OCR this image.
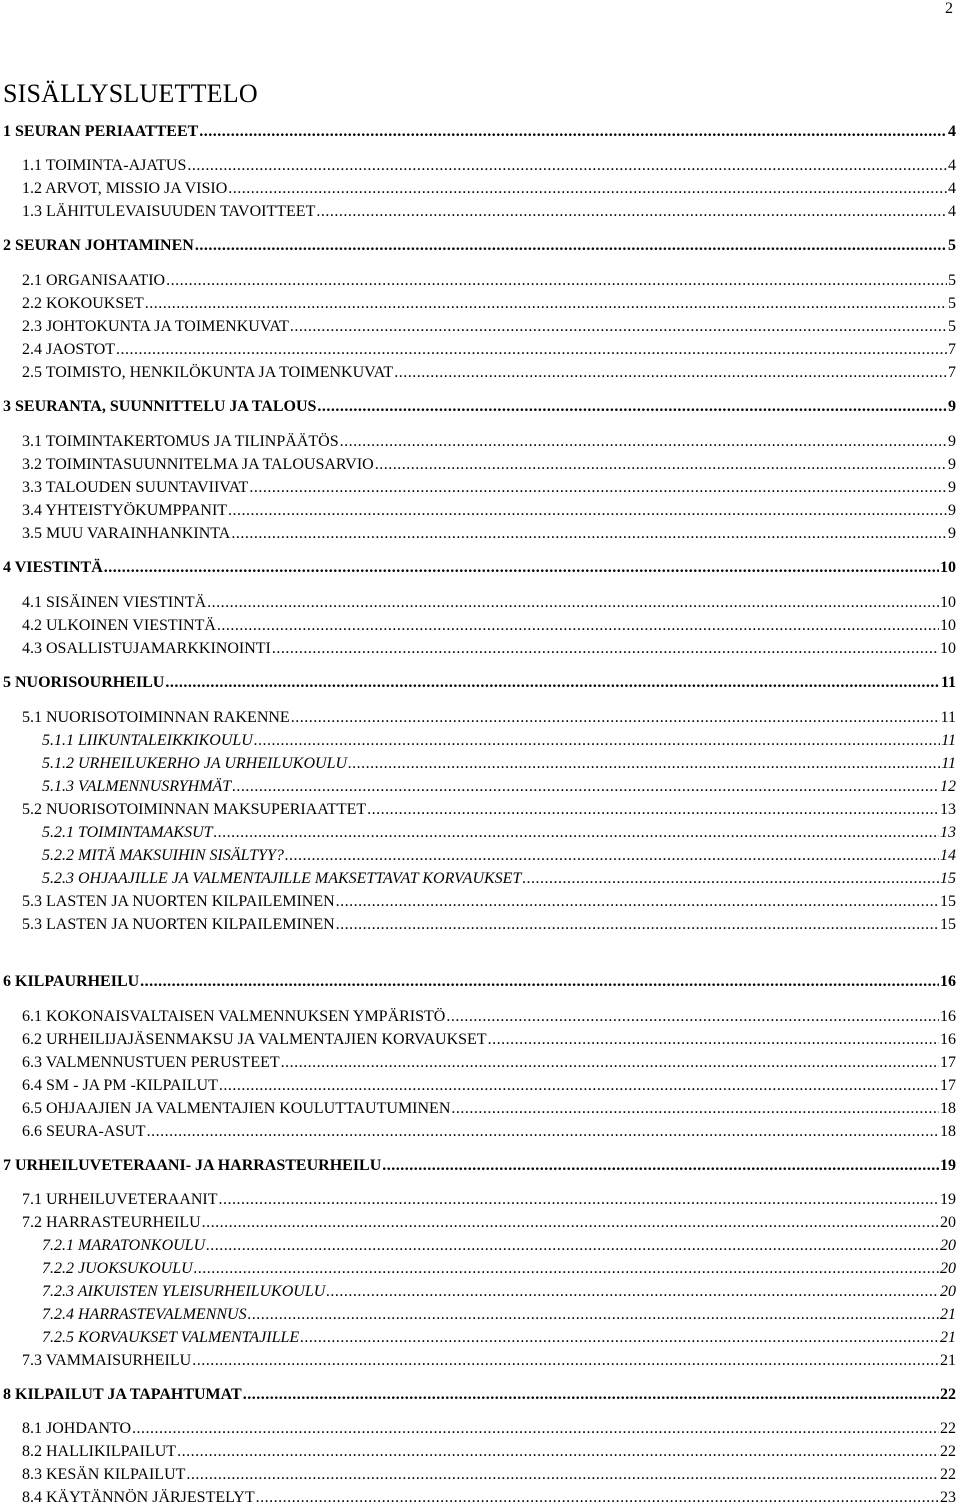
2
SISÄLLYSLUETTELO
1 SEURAN PERIAATTEET .....	4
1.1 TOIMINTA-AJATUS .....	4
1.2 ARVOT, MISSIO JA VISIO .....	4
1.3 LÄHITULEVAISUUDEN TAVOITTEET .....	4
2 SEURAN JOHTAMINEN .....	5
2.1 ORGANISAATIO .....	5
2.2 KOKOUKSET .....	5
2.3 JOHTOKUNTA JA TOIMENKUVAT .....	5
2.4 JAOSTOT .....	7
2.5 TOIMISTO, HENKILÖKUNTA JA TOIMENKUVAT .....	7
3 SEURANTA, SUUNNITTELU JA TALOUS .....	9
3.1 TOIMINTAKERTOMUS JA TILINPÄÄTÖS .....	9
3.2 TOIMINTASUUNNITELMA JA TALOUSARVIO .....	9
3.3 TALOUDEN SUUNTAVIIVAT .....	9
3.4 YHTEISTYÖKUMPPANIT .....	9
3.5 MUU VARAINHANKINTA .....	9
4 VIESTINTÄ .....	10
4.1 SISÄINEN VIESTINTÄ .....	10
4.2 ULKOINEN VIESTINTÄ .....	10
4.3 OSALLISTUJAMARKKINOINTI .....	10
5 NUORISOURHEILU .....	11
5.1 NUORISOTOIMINNAN RAKENNE .....	11
5.1.1 LIIKUNTALEIKKIKOULU .....	11
5.1.2 URHEILUKERHO JA URHEILUKOULU .....	11
5.1.3 VALMENNUSRYHMÄT .....	12
5.2 NUORISOTOIMINNAN MAKSUPERIAATTET .....	13
5.2.1 TOIMINTAMAKSUT .....	13
5.2.2 MITÄ MAKSUIHIN SISÄLTYY? .....	14
5.2.3 OHJAAJILLE JA VALMENTAJILLE MAKSETTAVAT KORVAUKSET .....	15
5.3 LASTEN JA NUORTEN KILPAILEMINEN .....	15
5.3 LASTEN JA NUORTEN KILPAILEMINEN .....	15
6 KILPAURHEILU .....	16
6.1 KOKONAISVALTAISEN VALMENNUKSEN YMPÄRISTÖ .....	16
6.2 URHEILIJAJÄSENMAKSU JA VALMENTAJIEN KORVAUKSET .....	16
6.3 VALMENNUSTUEN PERUSTEET .....	17
6.4 SM - JA PM -KILPAILUT .....	17
6.5 OHJAAJIEN JA VALMENTAJIEN KOULUTTAUTUMINEN .....	18
6.6 SEURA-ASUT .....	18
7 URHEILUVETERAANI- JA HARRASTEURHEILU .....	19
7.1 URHEILUVETERAANIT .....	19
7.2 HARRASTEURHEILU .....	20
7.2.1 MARATONKOULU .....	20
7.2.2 JUOKSUKOULU .....	20
7.2.3 AIKUISTEN YLEISURHEILUKOULU .....	20
7.2.4 HARRASTEVALMENNUS .....	21
7.2.5 KORVAUKSET VALMENTAJILLE .....	21
7.3 VAMMAISURHEILU .....	21
8 KILPAILUT JA TAPAHTUMAT .....	22
8.1 JOHDANTO .....	22
8.2 HALLIKILPAILUT .....	22
8.3 KESÄN KILPAILUT .....	22
8.4 KÄYTÄNNÖN JÄRJESTELYT .....	23
